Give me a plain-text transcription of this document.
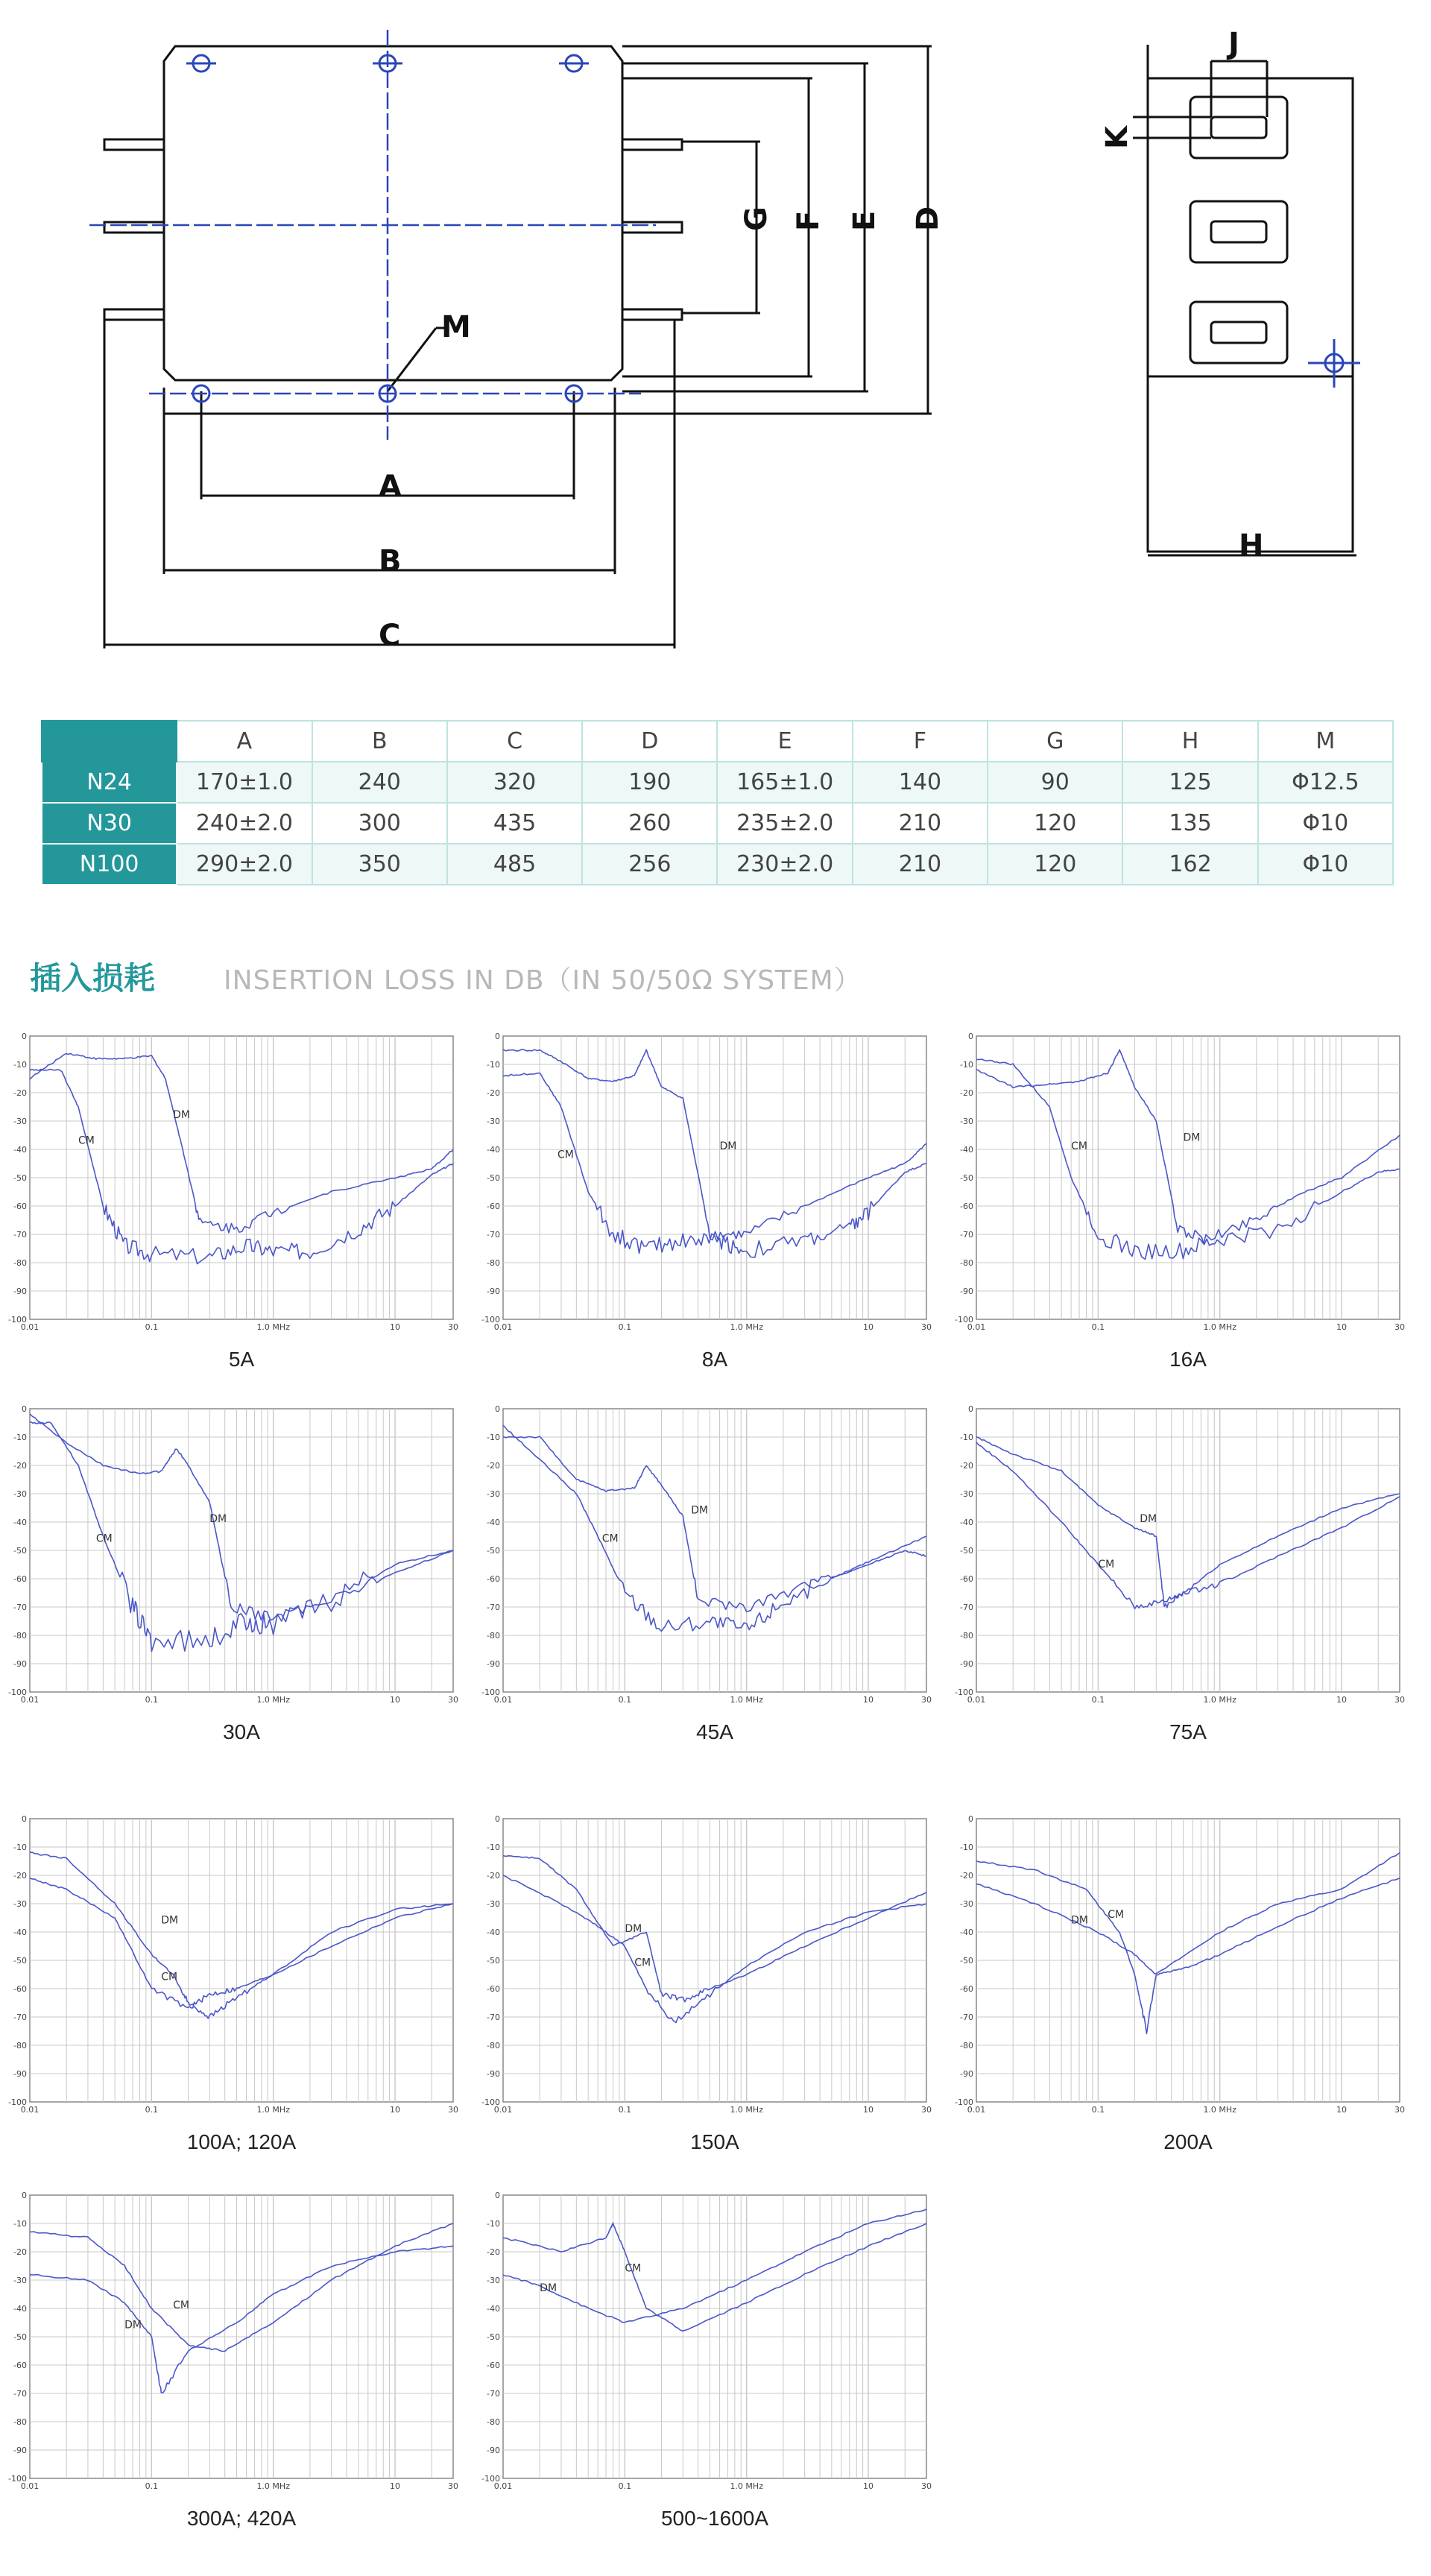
A
B
C
D
E
F
G
M
J
K
H
	A	B	C	D	E	F	G	H	M
N24	170±1.0	240	320	190	165±1.0	140	90	125	Φ12.5
N30	240±2.0	300	435	260	235±2.0	210	120	135	Φ10
N100	290±2.0	350	485	256	230±2.0	210	120	162	Φ10
插入损耗	INSERTION LOSS IN DB（IN 50/50Ω SYSTEM）
0
-10
-20
-30
-40
-50
-60
-70
-80
-90
-100
0.01	0.1	1.0 MHz	10	30
CM
DM
5A
0
-10
-20
-30
-40
-50
-60
-70
-80
-90
-100
0.01	0.1	1.0 MHz	10	30
CM
DM
8A
0
-10
-20
-30
-40
-50
-60
-70
-80
-90
-100
0.01	0.1	1.0 MHz	10	30
CM
DM
16A
0
-10
-20
-30
-40
-50
-60
-70
-80
-90
-100
0.01	0.1	1.0 MHz	10	30
CM
DM
30A
0
-10
-20
-30
-40
-50
-60
-70
-80
-90
-100
0.01	0.1	1.0 MHz	10	30
CM
DM
45A
0
-10
-20
-30
-40
-50
-60
-70
-80
-90
-100
0.01	0.1	1.0 MHz	10	30
CM
DM
75A
0
-10
-20
-30
-40
-50
-60
-70
-80
-90
-100
0.01	0.1	1.0 MHz	10	30
CM
DM
100A; 120A
0
-10
-20
-30
-40
-50
-60
-70
-80
-90
-100
0.01	0.1	1.0 MHz	10	30
CM
DM
150A
0
-10
-20
-30
-40
-50
-60
-70
-80
-90
-100
0.01	0.1	1.0 MHz	10	30
CM
DM
200A
0
-10
-20
-30
-40
-50
-60
-70
-80
-90
-100
0.01	0.1	1.0 MHz	10	30
CM
DM
300A; 420A
0
-10
-20
-30
-40
-50
-60
-70
-80
-90
-100
0.01	0.1	1.0 MHz	10	30
CM
DM
500~1600A
